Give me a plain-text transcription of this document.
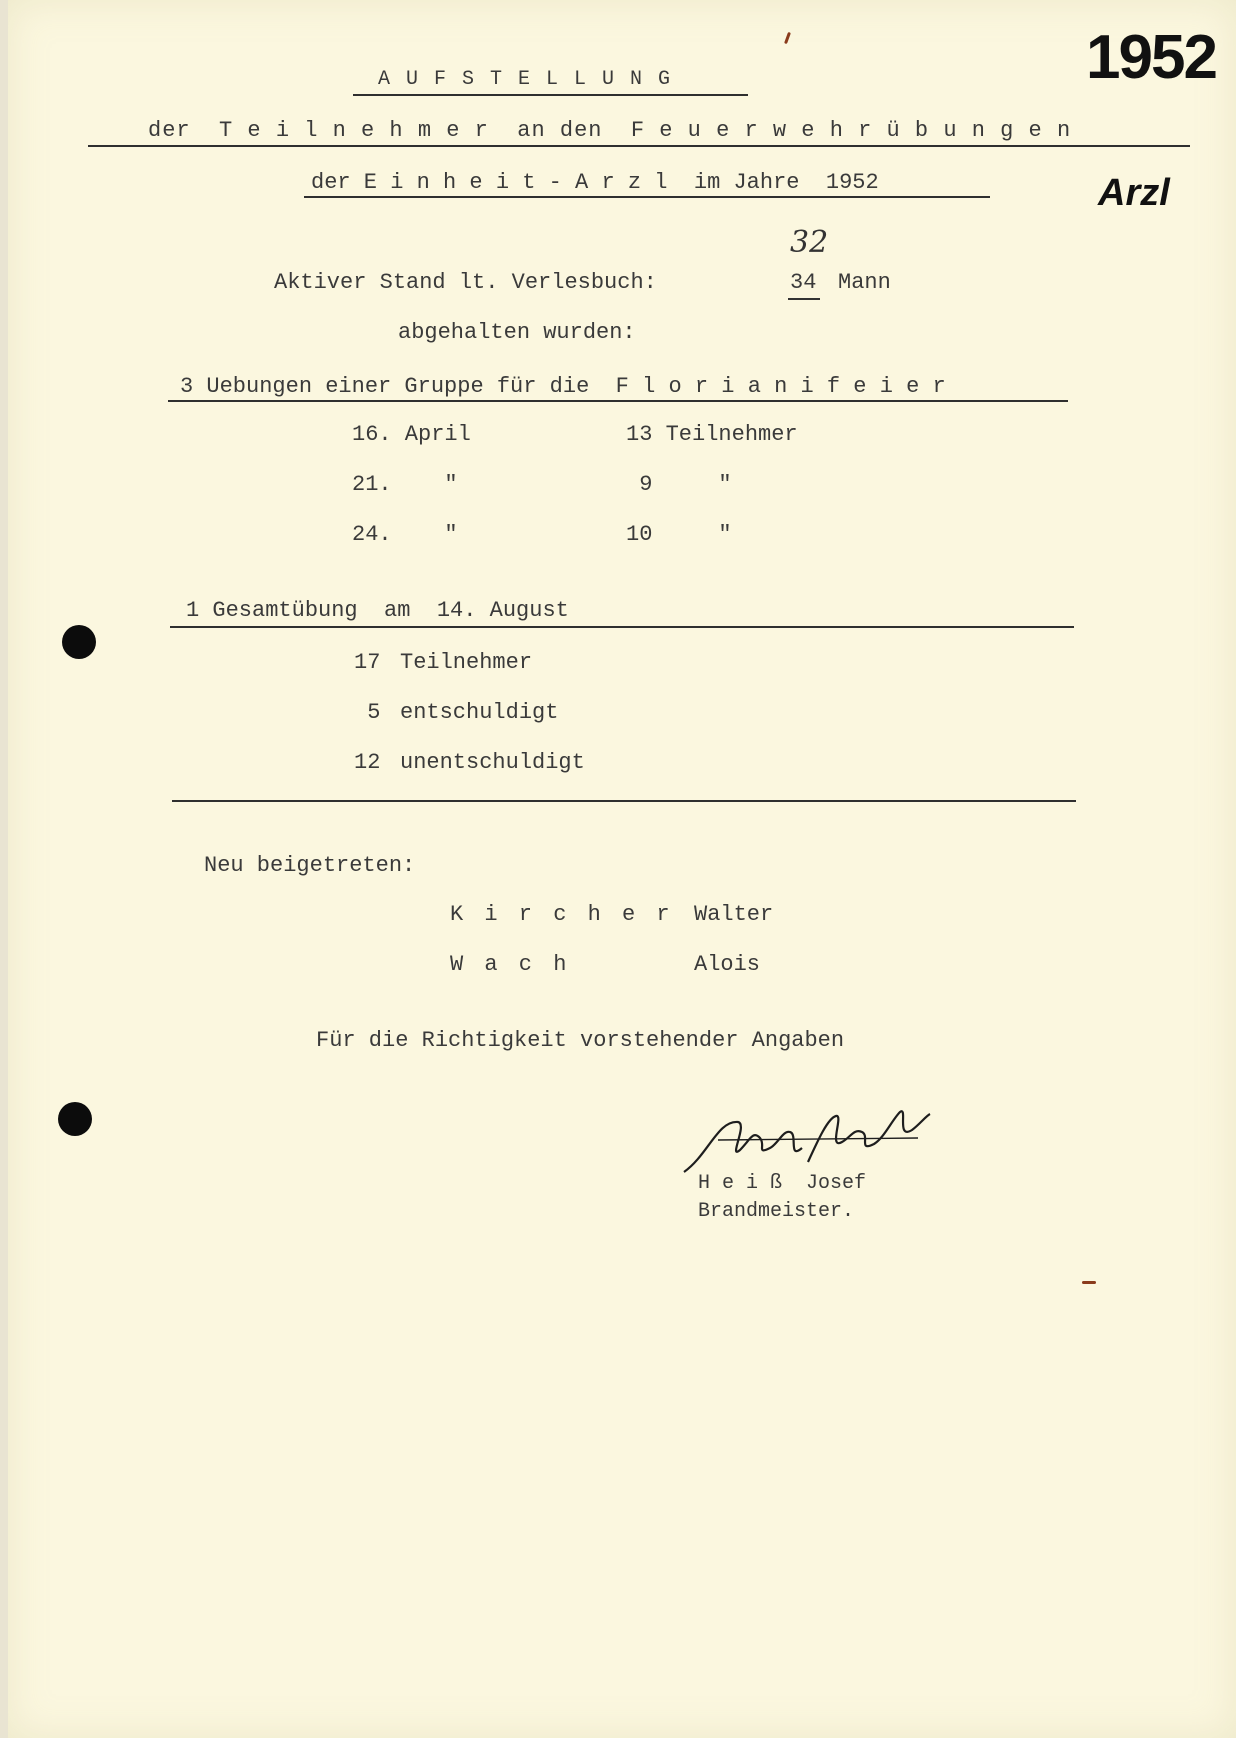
1952
Arzl
A U F S T E L L U N G
der  T e i l n e h m e r  an den  F e u e r w e h r ü b u n g e n
der E i n h e i t - A r z l  im Jahre  1952
Aktiver Stand lt. Verlesbuch:
32
34 Mann
abgehalten wurden:
3 Uebungen einer Gruppe für die  F l o r i a n i f e i e r
16. April	13 Teilnehmer
21.    "	9     "
24.    "	10     "
1 Gesamtübung  am  14. August
17 Teilnehmer
5 entschuldigt
12 unentschuldigt
Neu beigetreten:
K i r c h e r Walter
W a c h	Alois
Für die Richtigkeit vorstehender Angaben
H e i ß  Josef
Brandmeister.
